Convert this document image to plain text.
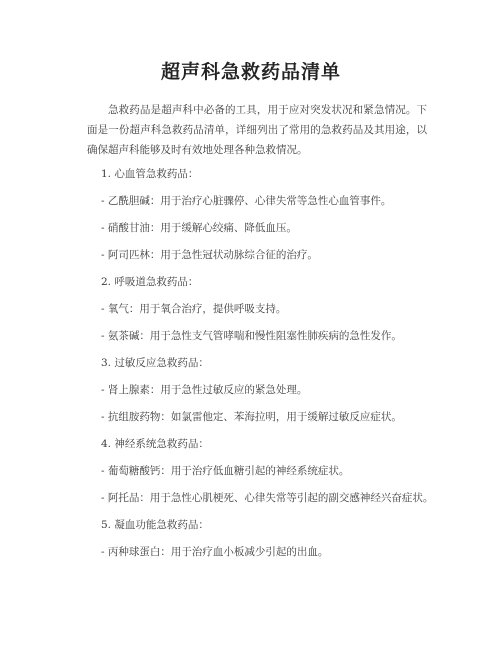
超声科急救药品清单
急救药品是超声科中必备的工具，用于应对突发状况和紧急情况。下面是一份超声科急救药品清单，详细列出了常用的急救药品及其用途，以确保超声科能够及时有效地处理各种急救情况。
1. 心血管急救药品：
- 乙酰胆碱：用于治疗心脏骤停、心律失常等急性心血管事件。
- 硝酸甘油：用于缓解心绞痛、降低血压。
- 阿司匹林：用于急性冠状动脉综合征的治疗。
2. 呼吸道急救药品：
- 氧气：用于氧合治疗，提供呼吸支持。
- 氨茶碱：用于急性支气管哮喘和慢性阻塞性肺疾病的急性发作。
3. 过敏反应急救药品：
- 肾上腺素：用于急性过敏反应的紧急处理。
- 抗组胺药物：如氯雷他定、苯海拉明，用于缓解过敏反应症状。
4. 神经系统急救药品：
- 葡萄糖酸钙：用于治疗低血糖引起的神经系统症状。
- 阿托品：用于急性心肌梗死、心律失常等引起的副交感神经兴奋症状。
5. 凝血功能急救药品：
- 丙种球蛋白：用于治疗血小板减少引起的出血。
